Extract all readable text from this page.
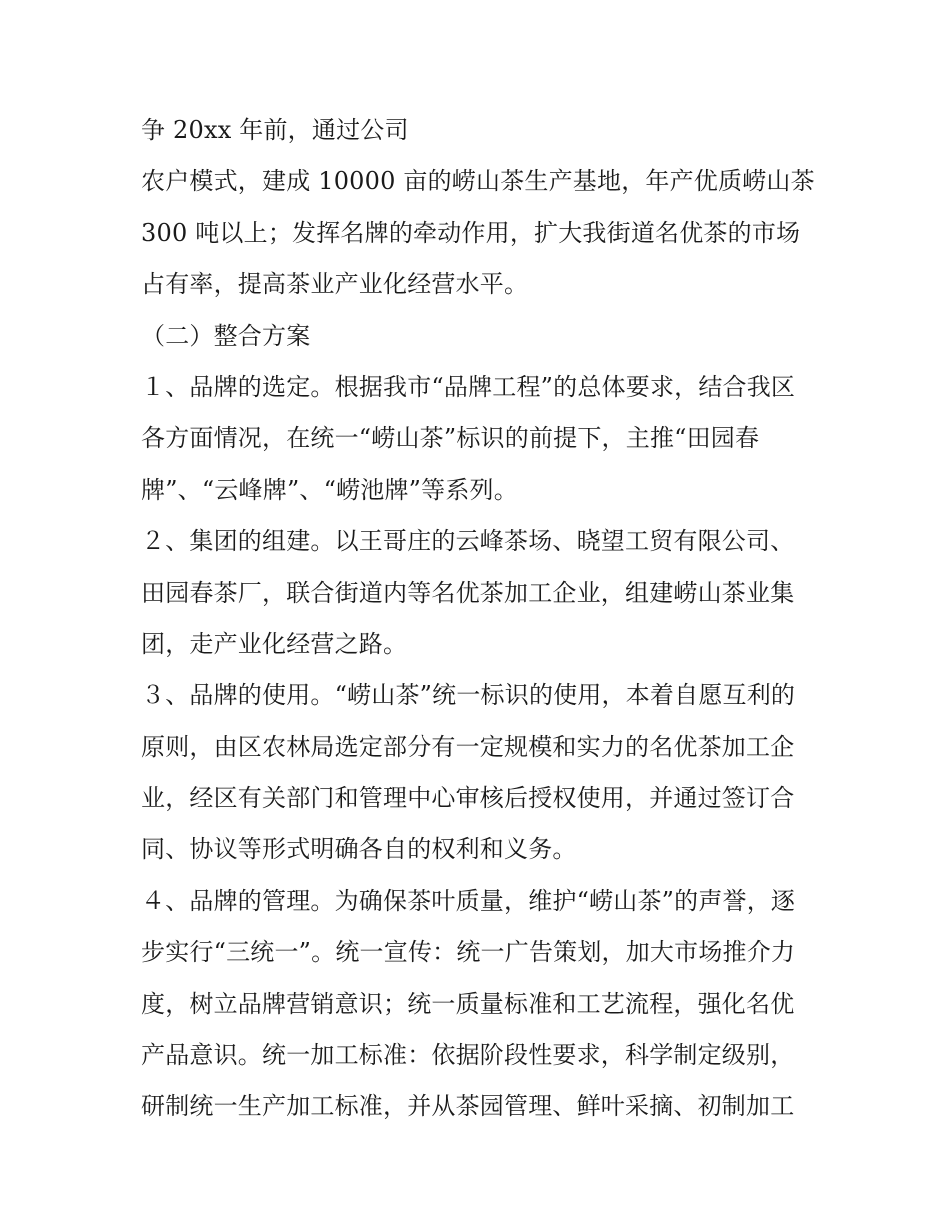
争 20xx 年前，通过公司
农户模式，建成 10000 亩的崂山茶生产基地，年产优质崂山茶
300 吨以上；发挥名牌的牵动作用，扩大我街道名优茶的市场
占有率，提高茶业产业化经营水平。
（二）整合方案
１、品牌的选定。根据我市“品牌工程”的总体要求，结合我区
各方面情况，在统一“崂山茶”标识的前提下，主推“田园春
牌”、“云峰牌”、“崂池牌”等系列。
２、集团的组建。以王哥庄的云峰茶场、晓望工贸有限公司、
田园春茶厂，联合街道内等名优茶加工企业，组建崂山茶业集
团，走产业化经营之路。
３、品牌的使用。“崂山茶”统一标识的使用，本着自愿互利的
原则，由区农林局选定部分有一定规模和实力的名优茶加工企
业，经区有关部门和管理中心审核后授权使用，并通过签订合
同、协议等形式明确各自的权利和义务。
４、品牌的管理。为确保茶叶质量，维护“崂山茶”的声誉，逐
步实行“三统一”。统一宣传：统一广告策划，加大市场推介力
度，树立品牌营销意识；统一质量标准和工艺流程，强化名优
产品意识。统一加工标准：依据阶段性要求，科学制定级别，
研制统一生产加工标准，并从茶园管理、鲜叶采摘、初制加工
